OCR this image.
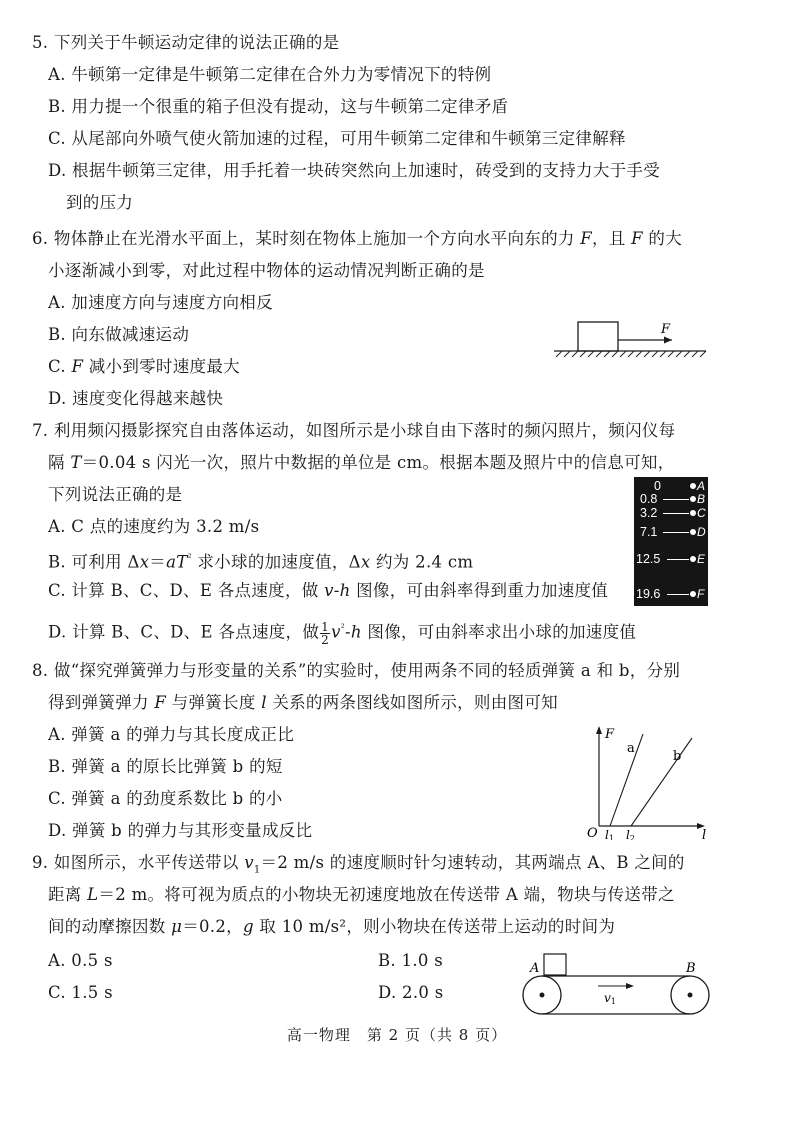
5. 下列关于牛顿运动定律的说法正确的是
A. 牛顿第一定律是牛顿第二定律在合外力为零情况下的特例
B. 用力提一个很重的箱子但没有提动，这与牛顿第二定律矛盾
C. 从尾部向外喷气使火箭加速的过程，可用牛顿第二定律和牛顿第三定律解释
D. 根据牛顿第三定律，用手托着一块砖突然向上加速时，砖受到的支持力大于手受
到的压力
6. 物体静止在光滑水平面上，某时刻在物体上施加一个方向水平向东的力 F，且 F 的大
小逐渐减小到零，对此过程中物体的运动情况判断正确的是
A. 加速度方向与速度方向相反
B. 向东做减速运动
C. F 减小到零时速度最大
D. 速度变化得越来越快
F
7. 利用频闪摄影探究自由落体运动，如图所示是小球自由下落时的频闪照片，频闪仪每
隔 T＝0.04 s 闪光一次，照片中数据的单位是 cm。根据本题及照片中的信息可知，
下列说法正确的是
A. C 点的速度约为 3.2 m/s
B. 可利用 $\Delta x=aT^{^2}$ 求小球的加速度值，Δx 约为 2.4 cm
C. 计算 B、C、D、E 各点速度，做 v-h 图像，可由斜率得到重力加速度值
D. 计算 B、C、D、E 各点速度，做 $\frac{1}{2} v^{^2}-h$ 图像，可由斜率求出小球的加速度值
0	A
0.8	B
3.2	C
7.1	D
12.5	E
19.6	F
8. 做“探究弹簧弹力与形变量的关系”的实验时，使用两条不同的轻质弹簧 a 和 b，分别
得到弹簧弹力 F 与弹簧长度 l 关系的两条图线如图所示，则由图可知
A. 弹簧 a 的弹力与其长度成正比
B. 弹簧 a 的原长比弹簧 b 的短
C. 弹簧 a 的劲度系数比 b 的小
D. 弹簧 b 的弹力与其形变量成反比
F
l
O
a
b
l1 l2
9. 如图所示，水平传送带以 $v_1=2$ m/s 的速度顺时针匀速转动，其两端点 A、B 之间的
距离 L＝2 m。将可视为质点的小物块无初速度地放在传送带 A 端，物块与传送带之
间的动摩擦因数 μ＝0.2，g 取 10 m/s²，则小物块在传送带上运动的时间为
A. 0.5 s	B. 1.0 s
C. 1.5 s	D. 2.0 s
A	B
v1
高一物理　第 2 页（共 8 页）
